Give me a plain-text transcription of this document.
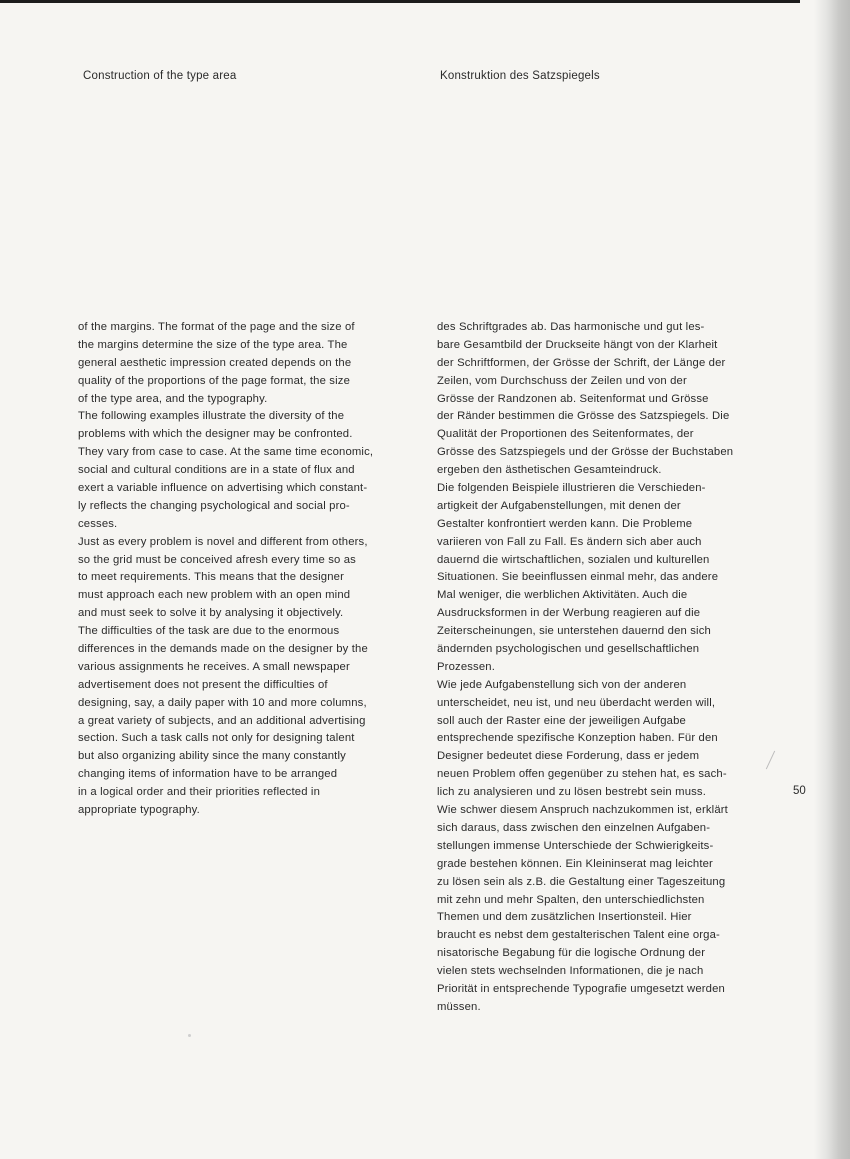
Construction of the type area	Konstruktion des Satzspiegels
of the margins. The format of the page and the size of
the margins determine the size of the type area. The
general aesthetic impression created depends on the
quality of the proportions of the page format, the size
of the type area, and the typography.
The following examples illustrate the diversity of the
problems with which the designer may be confronted.
They vary from case to case. At the same time economic,
social and cultural conditions are in a state of flux and
exert a variable influence on advertising which constant-
ly reflects the changing psychological and social pro-
cesses.
Just as every problem is novel and different from others,
so the grid must be conceived afresh every time so as
to meet requirements. This means that the designer
must approach each new problem with an open mind
and must seek to solve it by analysing it objectively.
The difficulties of the task are due to the enormous
differences in the demands made on the designer by the
various assignments he receives. A small newspaper
advertisement does not present the difficulties of
designing, say, a daily paper with 10 and more columns,
a great variety of subjects, and an additional advertising
section. Such a task calls not only for designing talent
but also organizing ability since the many constantly
changing items of information have to be arranged
in a logical order and their priorities reflected in
appropriate typography.
des Schriftgrades ab. Das harmonische und gut les-
bare Gesamtbild der Druckseite hängt von der Klarheit
der Schriftformen, der Grösse der Schrift, der Länge der
Zeilen, vom Durchschuss der Zeilen und von der
Grösse der Randzonen ab. Seitenformat und Grösse
der Ränder bestimmen die Grösse des Satzspiegels. Die
Qualität der Proportionen des Seitenformates, der
Grösse des Satzspiegels und der Grösse der Buchstaben
ergeben den ästhetischen Gesamteindruck.
Die folgenden Beispiele illustrieren die Verschieden-
artigkeit der Aufgabenstellungen, mit denen der
Gestalter konfrontiert werden kann. Die Probleme
variieren von Fall zu Fall. Es ändern sich aber auch
dauernd die wirtschaftlichen, sozialen und kulturellen
Situationen. Sie beeinflussen einmal mehr, das andere
Mal weniger, die werblichen Aktivitäten. Auch die
Ausdrucksformen in der Werbung reagieren auf die
Zeiterscheinungen, sie unterstehen dauernd den sich
ändernden psychologischen und gesellschaftlichen
Prozessen.
Wie jede Aufgabenstellung sich von der anderen
unterscheidet, neu ist, und neu überdacht werden will,
soll auch der Raster eine der jeweiligen Aufgabe
entsprechende spezifische Konzeption haben. Für den
Designer bedeutet diese Forderung, dass er jedem
neuen Problem offen gegenüber zu stehen hat, es sach-
lich zu analysieren und zu lösen bestrebt sein muss.
Wie schwer diesem Anspruch nachzukommen ist, erklärt
sich daraus, dass zwischen den einzelnen Aufgaben-
stellungen immense Unterschiede der Schwierigkeits-
grade bestehen können. Ein Kleininserat mag leichter
zu lösen sein als z.B. die Gestaltung einer Tageszeitung
mit zehn und mehr Spalten, den unterschiedlichsten
Themen und dem zusätzlichen Insertionsteil. Hier
braucht es nebst dem gestalterischen Talent eine orga-
nisatorische Begabung für die logische Ordnung der
vielen stets wechselnden Informationen, die je nach
Priorität in entsprechende Typografie umgesetzt werden
müssen.
50
